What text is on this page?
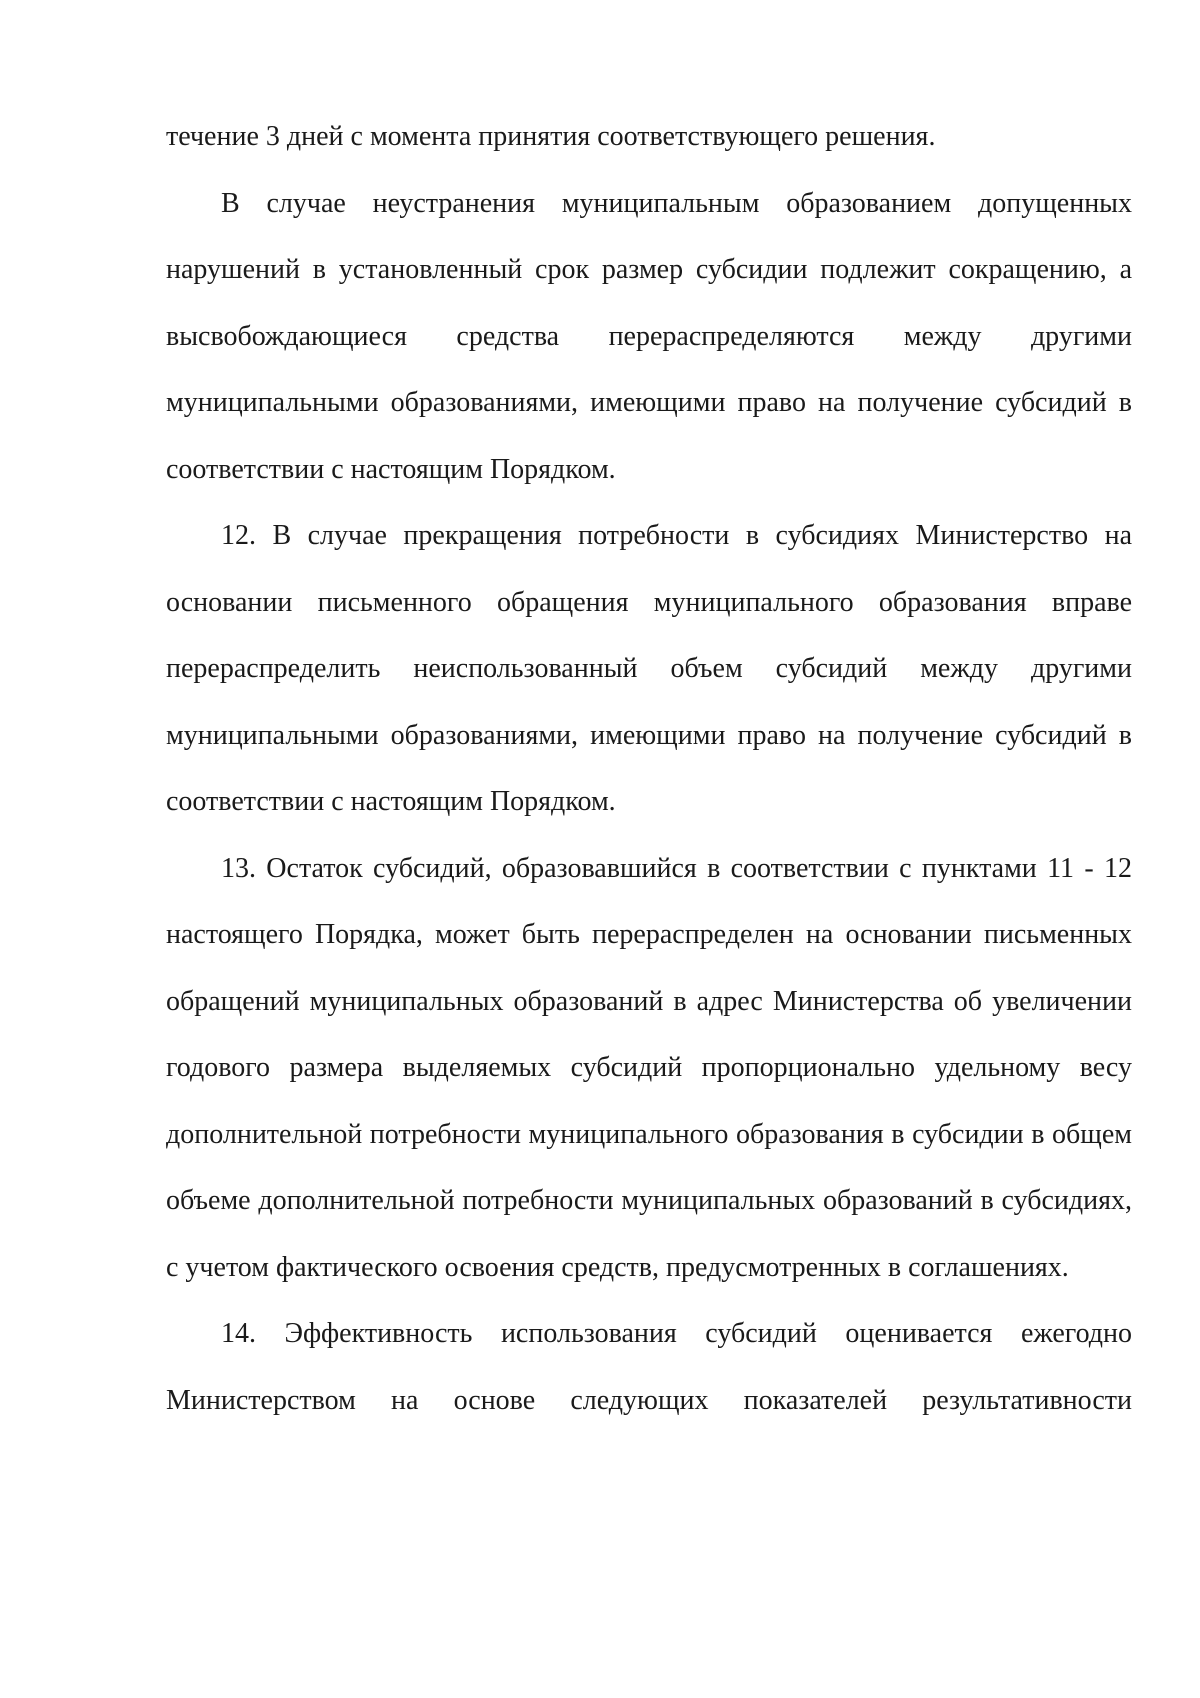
течение 3 дней с момента принятия соответствующего решения.

В случае неустранения муниципальным образованием допущенных нарушений в установленный срок размер субсидии подлежит сокращению, а высвобождающиеся средства перераспределяются между другими муниципальными образованиями, имеющими право на получение субсидий в соответствии с настоящим Порядком.

12. В случае прекращения потребности в субсидиях Министерство на основании письменного обращения муниципального образования вправе перераспределить неиспользованный объем субсидий между другими муниципальными образованиями, имеющими право на получение субсидий в соответствии с настоящим Порядком.

13. Остаток субсидий, образовавшийся в соответствии с пунктами 11 - 12 настоящего Порядка, может быть перераспределен на основании письменных обращений муниципальных образований в адрес Министерства об увеличении годового размера выделяемых субсидий пропорционально удельному весу дополнительной потребности муниципального образования в субсидии в общем объеме дополнительной потребности муниципальных образований в субсидиях, с учетом фактического освоения средств, предусмотренных в соглашениях.

14. Эффективность использования субсидий оценивается ежегодно Министерством на основе следующих показателей результативности
